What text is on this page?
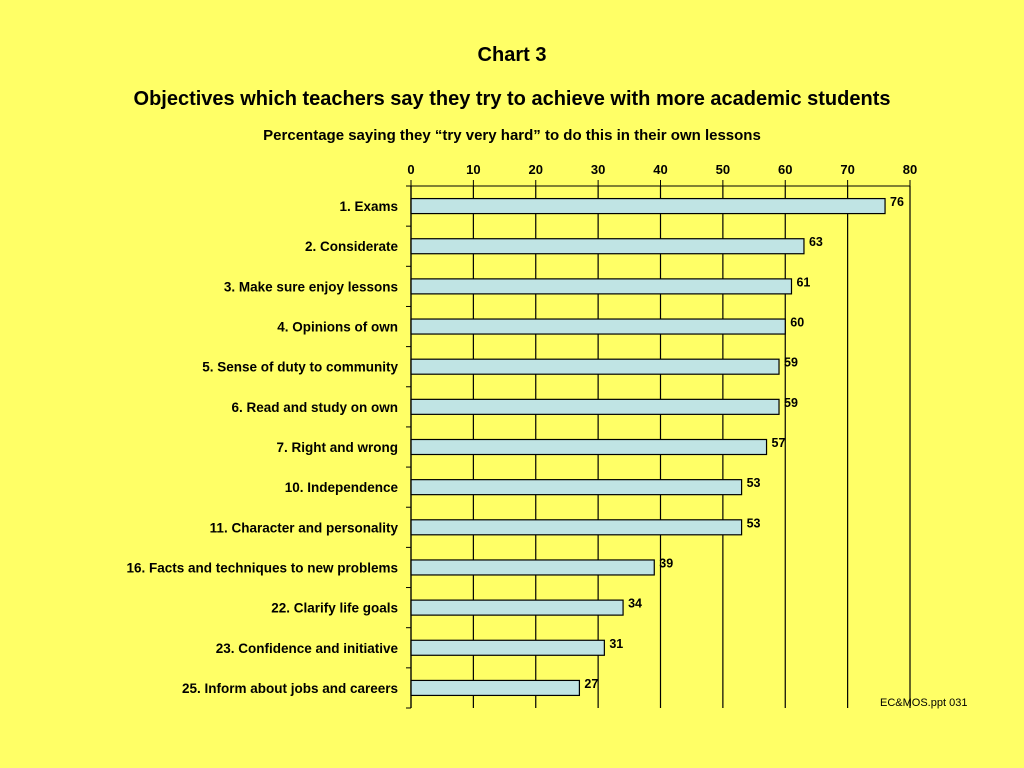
Chart 3
Objectives which teachers say they try to achieve with more academic students
Percentage saying they “try very hard” to do this in their own lessons
0	10	20	30	40	50	60	70	80
1. Exams	76
2. Considerate	63
3. Make sure enjoy lessons	61
4. Opinions of own	60
5. Sense of duty to community	59
6. Read and study on own	59
7. Right and wrong	57
10. Independence	53
11. Character and personality	53
16. Facts and techniques to new problems	39
22. Clarify life goals	34
23. Confidence and initiative	31
25. Inform about jobs and careers	27
EC&MOS.ppt 031
